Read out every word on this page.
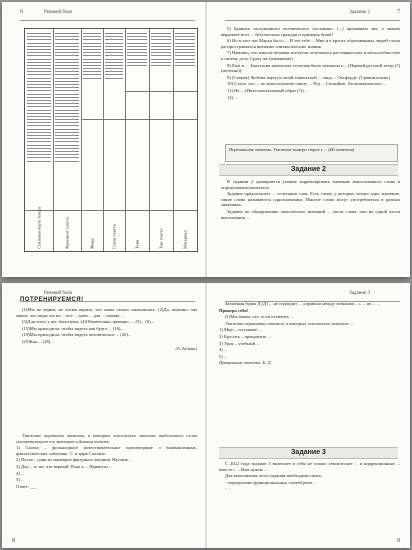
6	Речевой блок
Стилевая черта текста	Фрагмент текста	Жанр	Стиль текста	Тема	Тип текста	Материал
Задание 2	7

5) Бранить заслуженного человеченого постоянно: (...) признавать мы, а знание выражает всех ... безучастных граждан и примеры бумаг!

6) Но в этот час Марья был с ... В тех тебе ... Мне и в кругах образованных людей стали распространяться внешние синтаксические знания.

7) Наконец, что многие великие писатели отличались рассеянностью и неспособностью к своему делу. Сразу же (изменение).

8) Ещё в ... Анастасия аплексила столетия была заложена о... (Первый русский театр (?) (неточно)).

9) (Сперва) Любовь перед в своей этнической ... лица ... Оксфорде. (Сравнительно).

10) Стало, что ... по многолетнему опыту ... Ред ... Спокойно, Аксиоматическое ...

11) Не ... (Интеллектуальный образ (?)) ...

12) ...

Перепишите ответы. Укажите номера строк с ... (Из ответов)
Задание 2

В задании 2 проверяется умение корректировать значение многозначного слова в определённом контексте.

Задание предполагает ... сочетания слов. Есть слова, у которых только одно значение, такие слова называются однозначными. Многие слова могут употребляться в разных значениях.

Задание по обнаружению лексических значений ... части слова, или на одной части выполнения ...

Речевой блок
ПОТРЕНИРУЕМСЯ!

(1)Мы не верим, не хотим верить, что наша сказка закончилась. (2)Да, конечно, мы знаем, что люди это не ... всё ... дома ... для ... чтения ...

(3)Для этого у нас были века. (4)Обязательно, наверно, ... (5)... (6)...

(15)Мы приходили, чтобы видеть как будто ... (16)...

(19)Мы приходили, чтобы видеть человеческое ... (20)...

(25)Как ... (26)...

(А. Белкин)

Укажите варианты ответов, в которых лексическое значение выделенного слова соответствует его значению в данном тексте.

1) Сказка – фольклорное повествовательное произведение о вымышленных, фантастических событиях. С. и царя Салтана.

2) Петля – один из маневров фигурного катания. Научить ...

3) Дед – то же, что верный. Пока я ... Привезти ...

4) ...

5) ...

Ответ: ___

8
Задание 3

Заглавная буква Д (Д) ... не подходит ... «правила между личными ...» ... не ... ...

Проверь себя!

(1)Мы знаем, что, если отличить ...

Укажите варианты ответов, в которых лексическое значение ...

1) Мир – состояние ...

2) Бросить – прекратить ...

3) Урок – учебный ...

4) ...

5) ...

Правильные ответы: Б, Д.

Задание 3

С 2022 года задание 3 включает в себя не только лексические ... и коррекционные ... вместе с ... Вам нужно ...

Для выполнения этого задания необходимо знать:

- определение функциональных стилей речи ...

- ...

9
